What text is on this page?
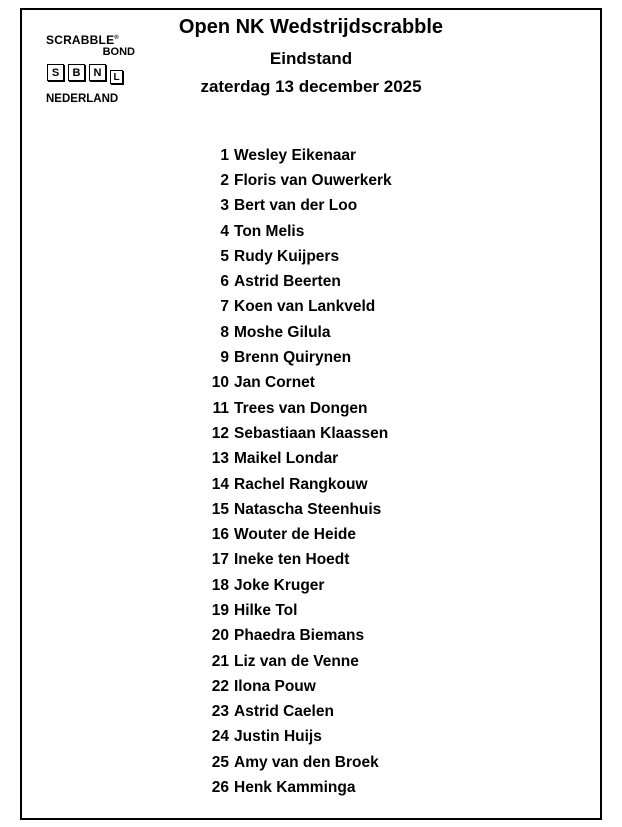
SCRABBLE®
BOND
S	B	N	L
NEDERLAND
Open NK Wedstrijdscrabble
Eindstand
zaterdag 13 december 2025
1 Wesley Eikenaar
2 Floris van Ouwerkerk
3 Bert van der Loo
4 Ton Melis
5 Rudy Kuijpers
6 Astrid Beerten
7 Koen van Lankveld
8 Moshe Gilula
9 Brenn Quirynen
10 Jan Cornet
11 Trees van Dongen
12 Sebastiaan Klaassen
13 Maikel Londar
14 Rachel Rangkouw
15 Natascha Steenhuis
16 Wouter de Heide
17 Ineke ten Hoedt
18 Joke Kruger
19 Hilke Tol
20 Phaedra Biemans
21 Liz van de Venne
22 Ilona Pouw
23 Astrid Caelen
24 Justin Huijs
25 Amy van den Broek
26 Henk Kamminga
